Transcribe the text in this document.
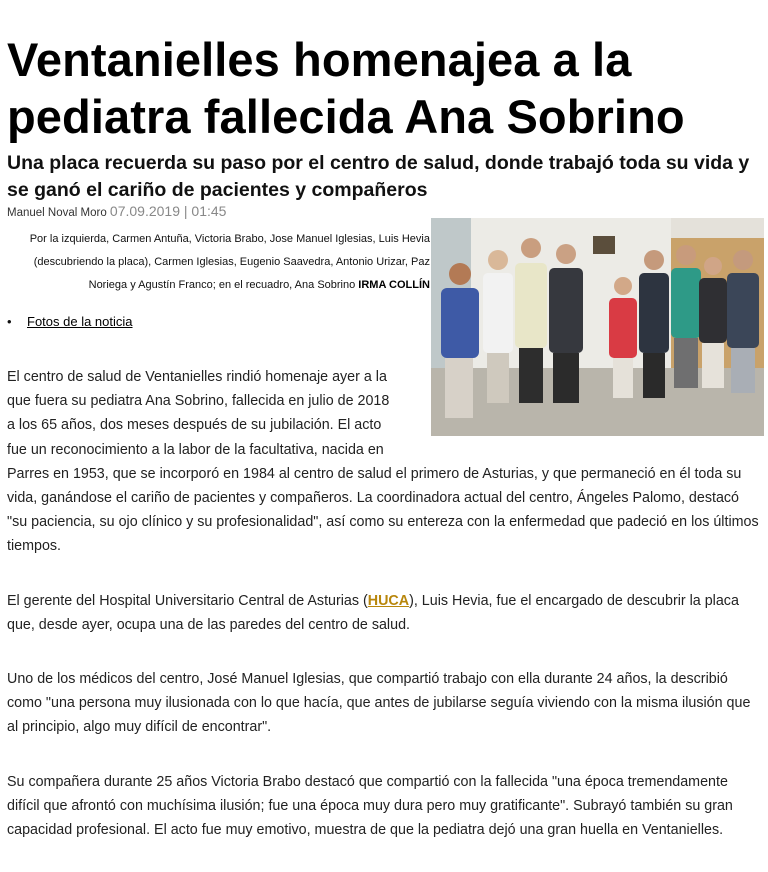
Ventanielles homenajea a la pediatra fallecida Ana Sobrino
Una placa recuerda su paso por el centro de salud, donde trabajó toda su vida y se ganó el cariño de pacientes y compañeros
Manuel Noval Moro 07.09.2019 | 01:45
Por la izquierda, Carmen Antuña, Victoria Brabo, Jose Manuel Iglesias, Luis Hevia
(descubriendo la placa), Carmen Iglesias, Eugenio Saavedra, Antonio Urizar, Paz
Noriega y Agustín Franco; en el recuadro, Ana Sobrino IRMA COLLÍN
• Fotos de la noticia
El centro de salud de Ventanielles rindió homenaje ayer a la
que fuera su pediatra Ana Sobrino, fallecida en julio de 2018
a los 65 años, dos meses después de su jubilación. El acto
fue un reconocimiento a la labor de la facultativa, nacida en

Parres en 1953, que se incorporó en 1984 al centro de salud el primero de Asturias, y que permaneció en él toda su vida, ganándose el cariño de pacientes y compañeros. La coordinadora actual del centro, Ángeles Palomo, destacó "su paciencia, su ojo clínico y su profesionalidad", así como su entereza con la enfermedad que padeció en los últimos tiempos.

El gerente del Hospital Universitario Central de Asturias (HUCA), Luis Hevia, fue el encargado de descubrir la placa que, desde ayer, ocupa una de las paredes del centro de salud.

Uno de los médicos del centro, José Manuel Iglesias, que compartió trabajo con ella durante 24 años, la describió como "una persona muy ilusionada con lo que hacía, que antes de jubilarse seguía viviendo con la misma ilusión que al principio, algo muy difícil de encontrar".

Su compañera durante 25 años Victoria Brabo destacó que compartió con la fallecida "una época tremendamente difícil que afrontó con muchísima ilusión; fue una época muy dura pero muy gratificante". Subrayó también su gran capacidad profesional. El acto fue muy emotivo, muestra de que la pediatra dejó una gran huella en Ventanielles.
